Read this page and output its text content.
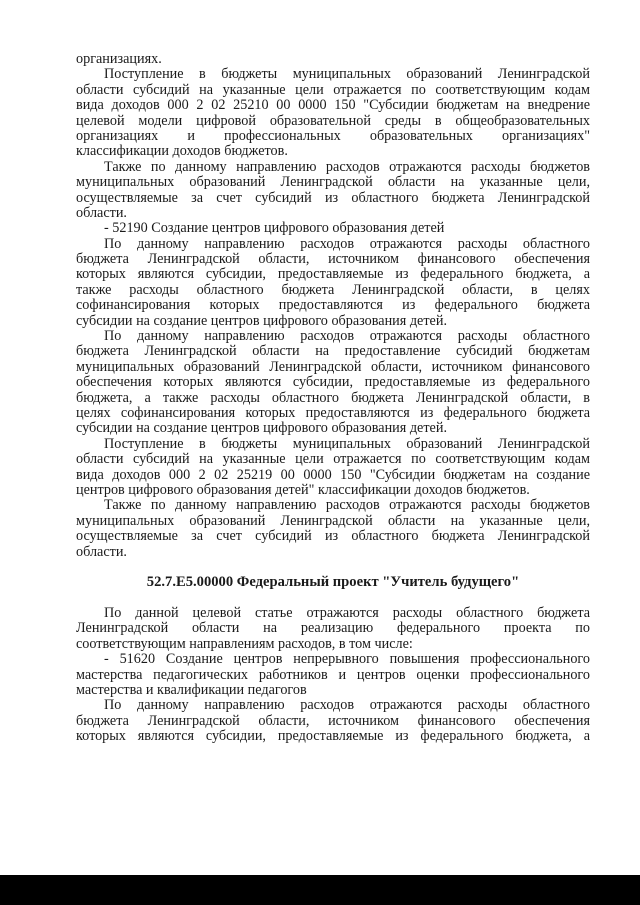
организациях.
Поступление в бюджеты муниципальных образований Ленинградской
области субсидий на указанные цели отражается по соответствующим кодам
вида доходов 000 2 02 25210 00 0000 150 "Субсидии бюджетам на внедрение
целевой модели цифровой образовательной среды в общеобразовательных
организациях и профессиональных образовательных организациях"
классификации доходов бюджетов.
Также по данному направлению расходов отражаются расходы бюджетов
муниципальных образований Ленинградской области на указанные цели,
осуществляемые за счет субсидий из областного бюджета Ленинградской
области.
- 52190 Создание центров цифрового образования детей
По данному направлению расходов отражаются расходы областного
бюджета Ленинградской области, источником финансового обеспечения
которых являются субсидии, предоставляемые из федерального бюджета, а
также расходы областного бюджета Ленинградской области, в целях
софинансирования которых предоставляются из федерального бюджета
субсидии на создание центров цифрового образования детей.
По данному направлению расходов отражаются расходы областного
бюджета Ленинградской области на предоставление субсидий бюджетам
муниципальных образований Ленинградской области, источником финансового
обеспечения которых являются субсидии, предоставляемые из федерального
бюджета, а также расходы областного бюджета Ленинградской области, в
целях софинансирования которых предоставляются из федерального бюджета
субсидии на создание центров цифрового образования детей.
Поступление в бюджеты муниципальных образований Ленинградской
области субсидий на указанные цели отражается по соответствующим кодам
вида доходов 000 2 02 25219 00 0000 150 "Субсидии бюджетам на создание
центров цифрового образования детей" классификации доходов бюджетов.
Также по данному направлению расходов отражаются расходы бюджетов
муниципальных образований Ленинградской области на указанные цели,
осуществляемые за счет субсидий из областного бюджета Ленинградской
области.
52.7.E5.00000 Федеральный проект "Учитель будущего"
По данной целевой статье отражаются расходы областного бюджета
Ленинградской области на реализацию федерального проекта по
соответствующим направлениям расходов, в том числе:
- 51620 Создание центров непрерывного повышения профессионального
мастерства педагогических работников и центров оценки профессионального
мастерства и квалификации педагогов
По данному направлению расходов отражаются расходы областного
бюджета Ленинградской области, источником финансового обеспечения
которых являются субсидии, предоставляемые из федерального бюджета, а
